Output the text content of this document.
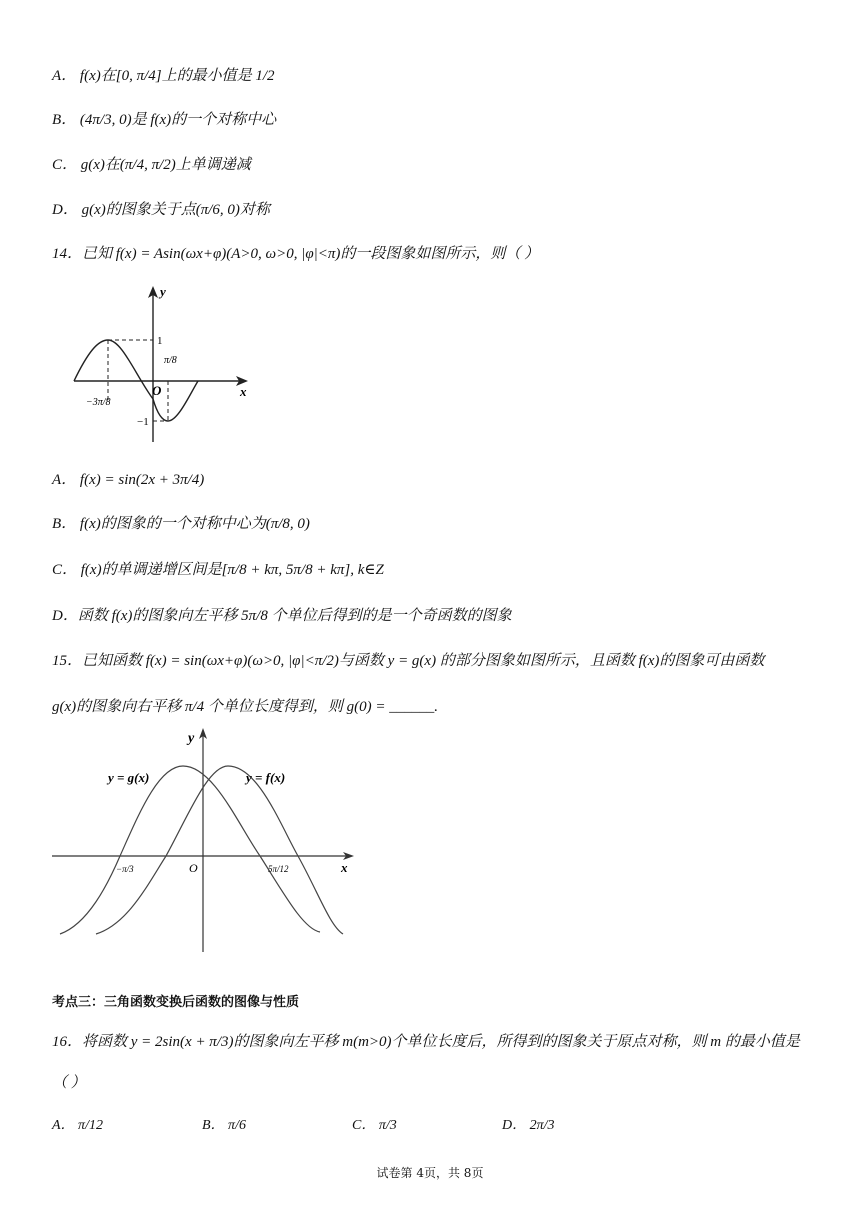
A． f(x)在[0, π/4]上的最小值是 1/2
B． (4π/3, 0)是 f(x)的一个对称中心
C． g(x)在(π/4, π/2)上单调递减
D． g(x)的图象关于点(π/6, 0)对称
14．已知 f(x) = Asin(ωx+φ)(A>0, ω>0, |φ|<π)的一段图象如图所示，则（ ）
y
x
O
1
−1
π/8
−3π/8
A． f(x) = sin(2x + 3π/4)
B． f(x)的图象的一个对称中心为(π/8, 0)
C． f(x)的单调递增区间是[π/8 + kπ, 5π/8 + kπ], k∈Z
D．函数 f(x)的图象向左平移 5π/8 个单位后得到的是一个奇函数的图象
15．已知函数 f(x) = sin(ωx+φ)(ω>0, |φ|<π/2)与函数 y = g(x) 的部分图象如图所示，且函数 f(x)的图象可由函数
g(x)的图象向右平移 π/4 个单位长度得到，则 g(0) = ______.
y
x
O
y = g(x)	y = f(x)
−π/3	5π/12
考点三：三角函数变换后函数的图像与性质
16．将函数 y = 2sin(x + π/3)的图象向左平移 m(m>0)个单位长度后，所得到的图象关于原点对称，则 m 的最小值是
（ ）
A． π/12	B． π/6	C． π/3	D． 2π/3
试卷第 4页，共 8页
